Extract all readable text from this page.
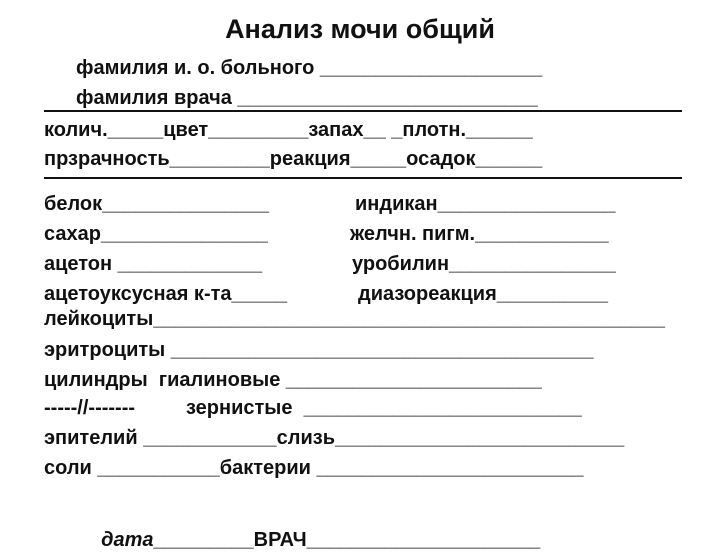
Анализ мочи общий
фамилия и. о. больного ____________________
фамилия врача ___________________________
колич._____цвет_________запах__ _плотн.______
прзрачность_________реакция_____осадок______
белок_______________	индикан________________
сахар_______________	желчн. пигм.____________
ацетон _____________	уробилин_______________
ацетоуксусная к-та_____	диазореакция__________
лейкоциты______________________________________________
эритроциты ______________________________________
цилиндры  гиалиновые _______________________
-----//-------	зернистые  _________________________
эпителий ____________слизь__________________________
соли ___________бактерии ________________________

дата_________ВРАЧ_____________________
